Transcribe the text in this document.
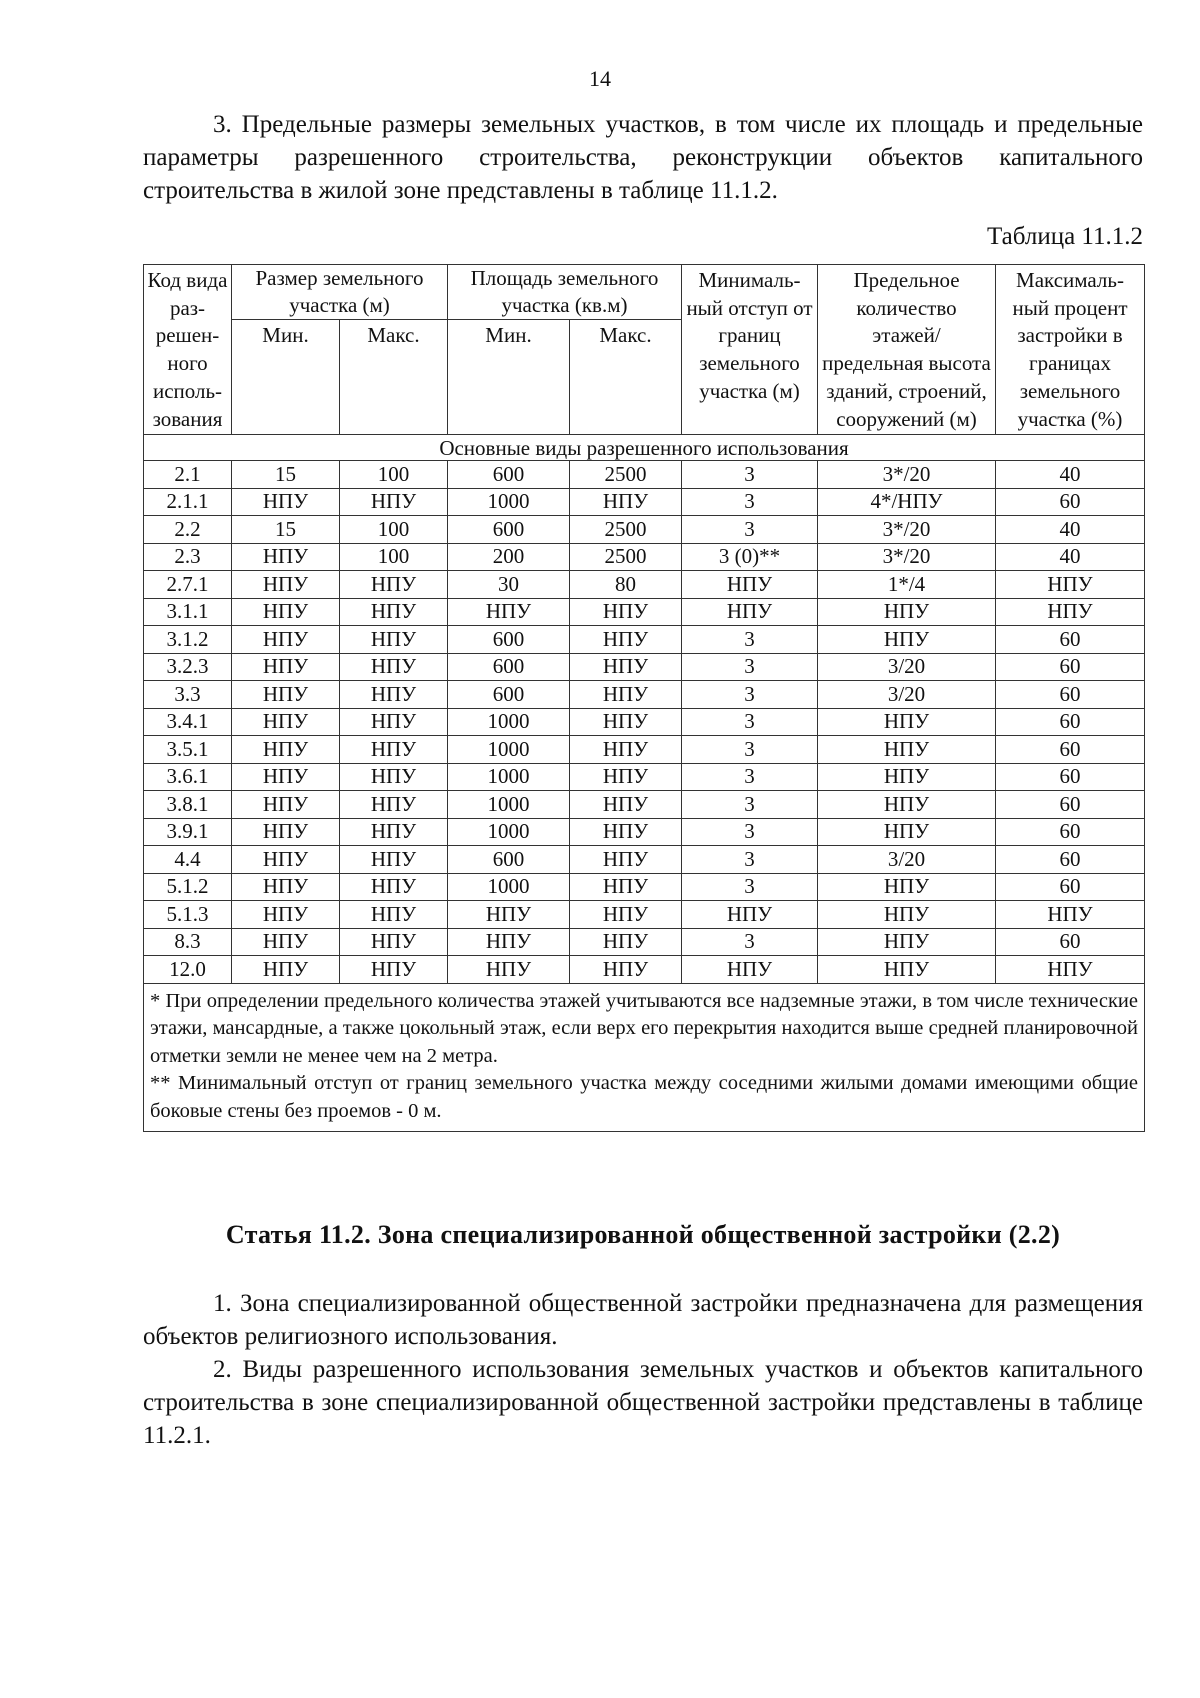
14

3. Предельные размеры земельных участков, в том числе их площадь и предельные параметры разрешенного строительства, реконструкции объектов капитального строительства в жилой зоне представлены в таблице 11.1.2.

Таблица 11.1.2
Код вида раз-решен-ного исполь-зования	Размер земельного участка (м)		Площадь земельного участка (кв.м)		Минималь-ный отступ от границ земельного участка (м)	Предельное количество этажей/ предельная высота зданий, строений, сооружений (м)	Максималь-ный процент застройки в границах земельного участка (%)
	Мин.	Макс.	Мин.	Макс.			
Основные виды разрешенного использования							
2.1	15	100	600	2500	3	3*/20	40
2.1.1	НПУ	НПУ	1000	НПУ	3	4*/НПУ	60
2.2	15	100	600	2500	3	3*/20	40
2.3	НПУ	100	200	2500	3 (0)**	3*/20	40
2.7.1	НПУ	НПУ	30	80	НПУ	1*/4	НПУ
3.1.1	НПУ	НПУ	НПУ	НПУ	НПУ	НПУ	НПУ
3.1.2	НПУ	НПУ	600	НПУ	3	НПУ	60
3.2.3	НПУ	НПУ	600	НПУ	3	3/20	60
3.3	НПУ	НПУ	600	НПУ	3	3/20	60
3.4.1	НПУ	НПУ	1000	НПУ	3	НПУ	60
3.5.1	НПУ	НПУ	1000	НПУ	3	НПУ	60
3.6.1	НПУ	НПУ	1000	НПУ	3	НПУ	60
3.8.1	НПУ	НПУ	1000	НПУ	3	НПУ	60
3.9.1	НПУ	НПУ	1000	НПУ	3	НПУ	60
4.4	НПУ	НПУ	600	НПУ	3	3/20	60
5.1.2	НПУ	НПУ	1000	НПУ	3	НПУ	60
5.1.3	НПУ	НПУ	НПУ	НПУ	НПУ	НПУ	НПУ
8.3	НПУ	НПУ	НПУ	НПУ	3	НПУ	60
12.0	НПУ	НПУ	НПУ	НПУ	НПУ	НПУ	НПУ

* При определении предельного количества этажей учитываются все надземные этажи, в том числе технические этажи, мансардные, а также цокольный этаж, если верх его перекрытия находится выше средней планировочной отметки земли не менее чем на 2 метра.
** Минимальный отступ от границ земельного участка между соседними жилыми домами имеющими общие боковые стены без проемов - 0 м.							
Статья 11.2. Зона специализированной общественной застройки (2.2)

1. Зона специализированной общественной застройки предназначена для размещения объектов религиозного использования.

2. Виды разрешенного использования земельных участков и объектов капитального строительства в зоне специализированной общественной застройки представлены в таблице 11.2.1.
